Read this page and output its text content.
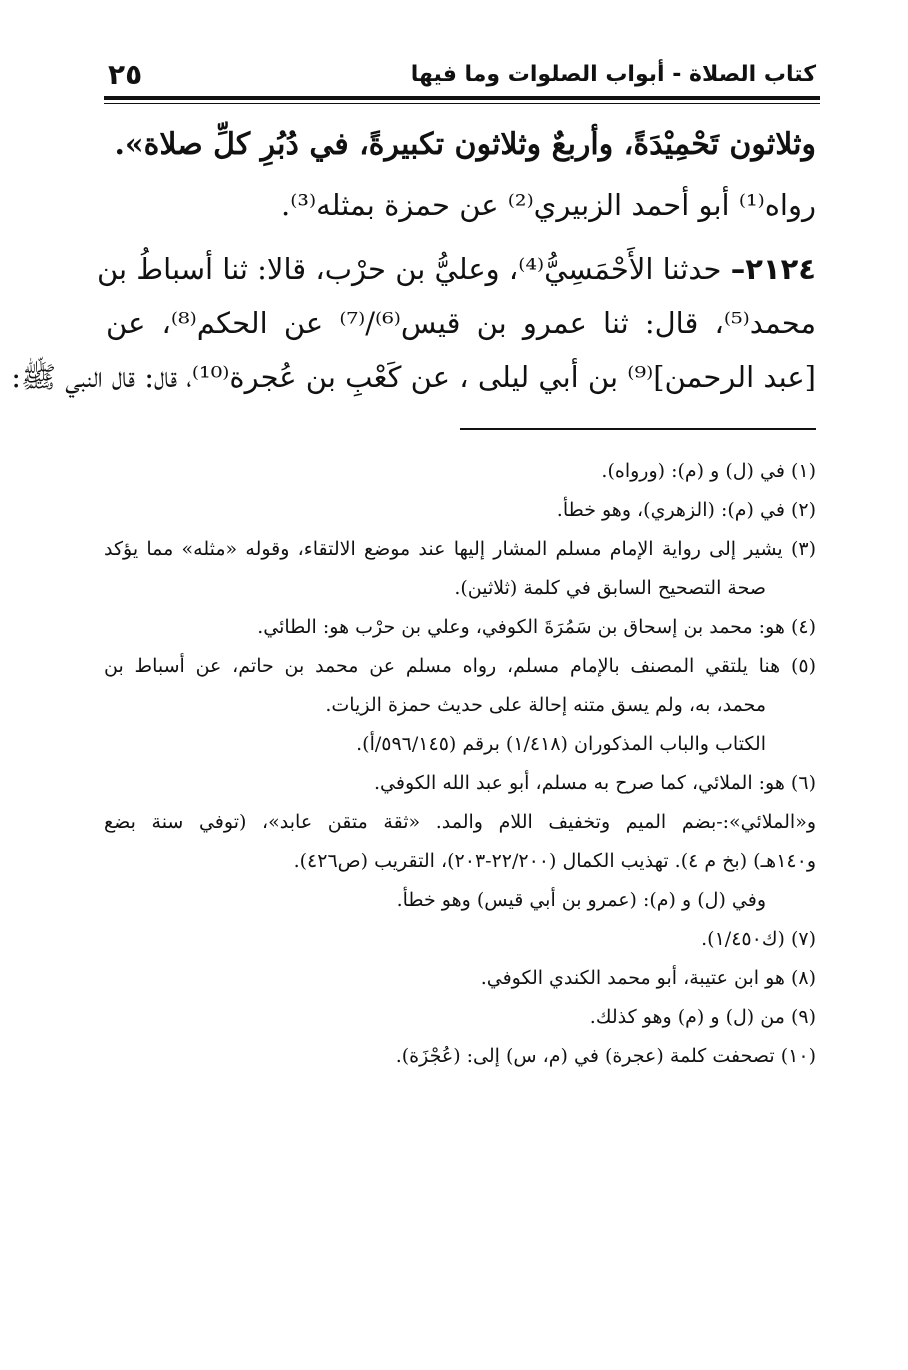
كتاب الصلاة - أبواب الصلوات وما فيها
٢٥
وثلاثون تَحْمِيْدَةً، وأربعٌ وثلاثون تكبيرةً، في دُبُرِ كلِّ صلاة».
رواه⁽¹⁾ أبو أحمد الزبيري⁽²⁾ عن حمزة بمثله⁽³⁾.
٢١٢٤– حدثنا الأَحْمَسِيُّ⁽⁴⁾، وعليُّ بن حرْب، قالا: ثنا أسباطُ بن
محمد⁽⁵⁾، قال: ثنا عمرو بن قيس⁽⁶⁾/⁽⁷⁾ عن الحكم⁽⁸⁾، عن
[عبد الرحمن]⁽⁹⁾ بن أبي ليلى ، عن كَعْبِ بن عُجرة⁽¹⁰⁾، قال: قال النبي ﷺ:
(١) في (ل) و (م): (ورواه).
(٢) في (م): (الزهري)، وهو خطأ.
(٣) يشير إلى رواية الإمام مسلم المشار إليها عند موضع الالتقاء، وقوله «مثله» مما يؤكد
صحة التصحيح السابق في كلمة (ثلاثين).
(٤) هو: محمد بن إسحاق بن سَمُرَةَ الكوفي، وعلي بن حرْب هو: الطائي.
(٥) هنا يلتقي المصنف بالإمام مسلم، رواه مسلم عن محمد بن حاتم، عن أسباط بن
محمد، به، ولم يسق متنه إحالة على حديث حمزة الزيات.
الكتاب والباب المذكوران (١/٤١٨) برقم (٥٩٦/١٤٥/أ).
(٦) هو: الملائي، كما صرح به مسلم، أبو عبد الله الكوفي.
و«الملائي»:-بضم الميم وتخفيف اللام والمد. «ثقة متقن عابد»، (توفي سنة بضع
و١٤٠هـ) (بخ م ٤). تهذيب الكمال (٢٢/٢٠٠-٢٠٣)، التقريب (ص٤٢٦).
وفي (ل) و (م): (عمرو بن أبي قيس) وهو خطأ.
(٧) (ك١/٤٥٠).
(٨) هو ابن عتيبة، أبو محمد الكندي الكوفي.
(٩) من (ل) و (م) وهو كذلك.
(١٠) تصحفت كلمة (عجرة) في (م، س) إلى: (عُجْزَة).
